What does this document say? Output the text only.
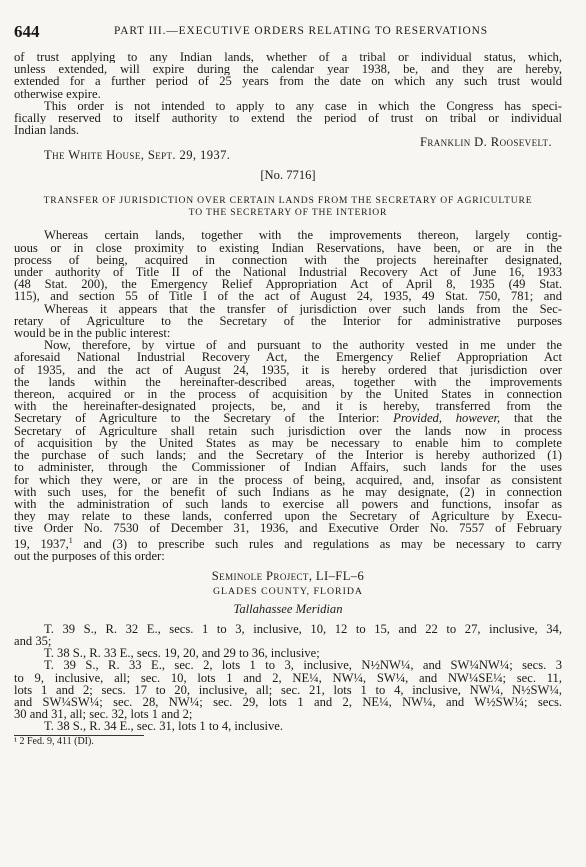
644	PART III.—EXECUTIVE ORDERS RELATING TO RESERVATIONS
of trust applying to any Indian lands, whether of a tribal or individual status, which,
unless extended, will expire during the calendar year 1938, be, and they are hereby,
extended for a further period of 25 years from the date on which any such trust would
otherwise expire.
This order is not intended to apply to any case in which the Congress has speci-
fically reserved to itself authority to extend the period of trust on tribal or individual
Indian lands.
Franklin D. Roosevelt.
The White House, Sept. 29, 1937.
[No. 7716]
TRANSFER OF JURISDICTION OVER CERTAIN LANDS FROM THE SECRETARY OF AGRICULTURE
TO THE SECRETARY OF THE INTERIOR
Whereas certain lands, together with the improvements thereon, largely contig-
uous or in close proximity to existing Indian Reservations, have been, or are in the
process of being, acquired in connection with the projects hereinafter designated,
under authority of Title II of the National Industrial Recovery Act of June 16, 1933
(48 Stat. 200), the Emergency Relief Appropriation Act of April 8, 1935 (49 Stat.
115), and section 55 of Title I of the act of August 24, 1935, 49 Stat. 750, 781; and
Whereas it appears that the transfer of jurisdiction over such lands from the Sec-
retary of Agriculture to the Secretary of the Interior for administrative purposes
would be in the public interest:
Now, therefore, by virtue of and pursuant to the authority vested in me under the
aforesaid National Industrial Recovery Act, the Emergency Relief Appropriation Act
of 1935, and the act of August 24, 1935, it is hereby ordered that jurisdiction over
the lands within the hereinafter-described areas, together with the improvements
thereon, acquired or in the process of acquisition by the United States in connection
with the hereinafter-designated projects, be, and it is hereby, transferred from the
Secretary of Agriculture to the Secretary of the Interior: Provided, however, that the
Secretary of Agriculture shall retain such jurisdiction over the lands now in process
of acquisition by the United States as may be necessary to enable him to complete
the purchase of such lands; and the Secretary of the Interior is hereby authorized (1)
to administer, through the Commissioner of Indian Affairs, such lands for the uses
for which they were, or are in the process of being, acquired, and, insofar as consistent
with such uses, for the benefit of such Indians as he may designate, (2) in connection
with the administration of such lands to exercise all powers and functions, insofar as
they may relate to these lands, conferred upon the Secretary of Agriculture by Execu-
tive Order No. 7530 of December 31, 1936, and Executive Order No. 7557 of February
19, 1937,$^1$ and (3) to prescribe such rules and regulations as may be necessary to carry
out the purposes of this order:
Seminole Project, LI–FL–6
GLADES COUNTY, FLORIDA
Tallahassee Meridian
T. 39 S., R. 32 E., secs. 1 to 3, inclusive, 10, 12 to 15, and 22 to 27, inclusive, 34,
and 35;
T. 38 S., R. 33 E., secs. 19, 20, and 29 to 36, inclusive;
T. 39 S., R. 33 E., sec. 2, lots 1 to 3, inclusive, N½NW¼, and SW¼NW¼; secs. 3
to 9, inclusive, all; sec. 10, lots 1 and 2, NE¼, NW¼, SW¼, and NW¼SE¼; sec. 11,
lots 1 and 2; secs. 17 to 20, inclusive, all; sec. 21, lots 1 to 4, inclusive, NW¼, N½SW¼,
and SW¼SW¼; sec. 28, NW¼; sec. 29, lots 1 and 2, NE¼, NW¼, and W½SW¼; secs.
30 and 31, all; sec. 32, lots 1 and 2;
T. 38 S., R. 34 E., sec. 31, lots 1 to 4, inclusive.
¹ 2 Fed. 9, 411 (DI).
